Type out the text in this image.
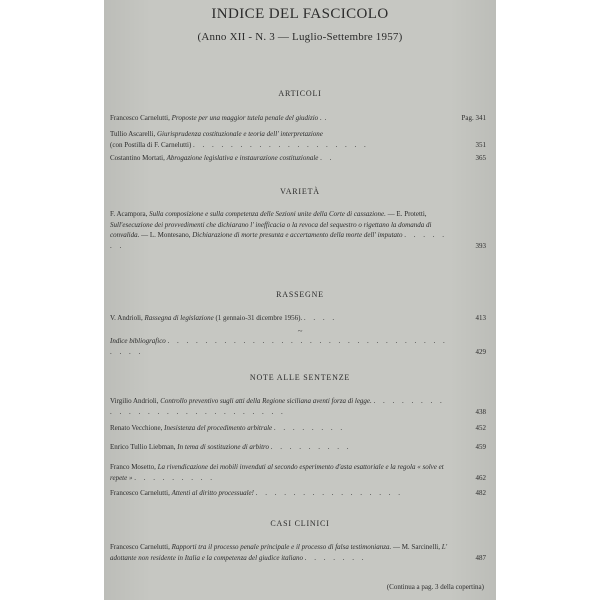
INDICE DEL FASCICOLO
(Anno XII - N. 3 — Luglio-Settembre 1957)
ARTICOLI
Francesco Carnelutti, Proposte per una maggior tutela penale del giudizio ..	Pag. 341
Tullio Ascarelli, Giurisprudenza costituzionale e teoria dell' interpretazione
(con Postilla di F. Carnelutti) . . . . . . . . . . . . . . . . . . .	351
Costantino Mortati, Abrogazione legislativa e instaurazione costituzionale . .	365
VARIETÀ
F. Acampora, Sulla composizione e sulla competenza delle Sezioni unite della Corte di cassazione. — E. Protetti, Sull'esecuzione dei provvedimenti che dichiarano l' inefficacia o la revoca del sequestro o rigettano la domanda di convalida. — L. Montesano, Dichiarazione di morte presunta e accertamento della morte dell' imputato . . . . . . .	393
RASSEGNE
V. Andrioli, Rassegna di legislazione (1 gennaio-31 dicembre 1956). . . . .	413
~
Indice bibliografico . . . . . . . . . . . . . . . . . . . . . . . . . . . . . . . . . .	429
NOTE ALLE SENTENZE
Virgilio Andrioli, Controllo preventivo sugli atti della Regione siciliana aventi forza di legge. . . . . . . . . . . . . . . . . . . . . . . . . . . .	438
Renato Vecchione, Inesistenza del procedimento arbitrale . . . . . . . .	452
Enrico Tullio Liebman, In tema di sostituzione di arbitro . . . . . . . . .	459
Franco Mosetto, La rivendicazione dei mobili invenduti al secondo esperimento d'asta esattoriale e la regola « solve et repete » . . . . . . . . .	462
Francesco Carnelutti, Attenti al diritto processuale! . . . . . . . . . . . . . . . .	482
CASI CLINICI
Francesco Carnelutti, Rapporti tra il processo penale principale e il processo di falsa testimonianza. — M. Sarcinelli, L' adottante non residente in Italia e la competenza del giudice italiano . . . . . . .	487
(Continua a pag. 3 della copertina)
